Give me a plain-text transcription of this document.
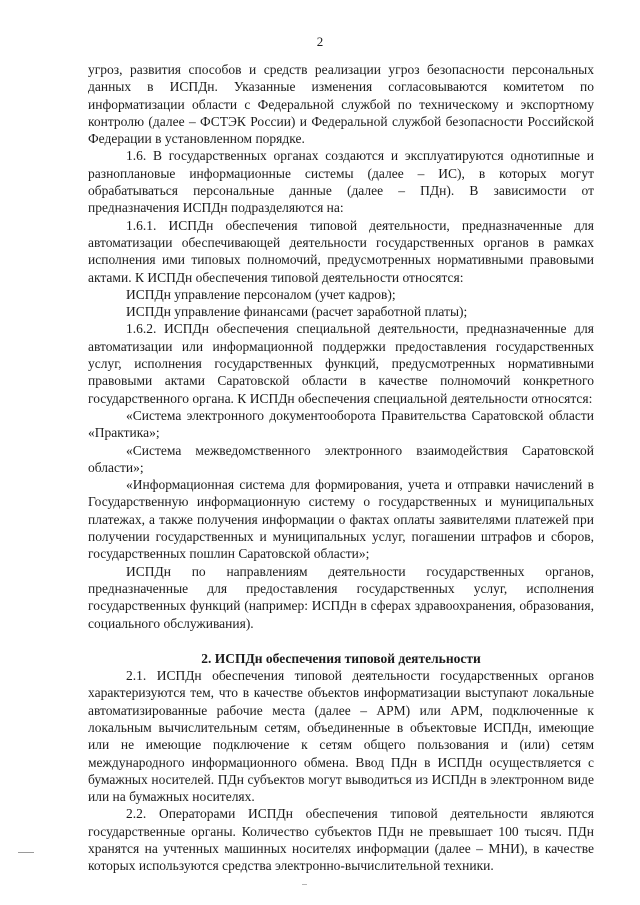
2

угроз, развития способов и средств реализации угроз безопасности персональных данных в ИСПДн. Указанные изменения согласовываются комитетом по информатизации области с Федеральной службой по техническому и экспортному контролю (далее – ФСТЭК России) и Федеральной службой безопасности Российской Федерации в установленном порядке.

1.6. В государственных органах создаются и эксплуатируются однотипные и разноплановые информационные системы (далее – ИС), в которых могут обрабатываться персональные данные (далее – ПДн). В зависимости от предназначения ИСПДн подразделяются на:

1.6.1. ИСПДн обеспечения типовой деятельности, предназначенные для автоматизации обеспечивающей деятельности государственных органов в рамках исполнения ими типовых полномочий, предусмотренных нормативными правовыми актами. К ИСПДн обеспечения типовой деятельности относятся:

ИСПДн управление персоналом (учет кадров);

ИСПДн управление финансами (расчет заработной платы);

1.6.2. ИСПДн обеспечения специальной деятельности, предназначенные для автоматизации или информационной поддержки предоставления государственных услуг, исполнения государственных функций, предусмотренных нормативными правовыми актами Саратовской области в качестве полномочий конкретного государственного органа. К ИСПДн обеспечения специальной деятельности относятся:

«Система электронного документооборота Правительства Саратовской области «Практика»;

«Система межведомственного электронного взаимодействия Саратовской области»;

«Информационная система для формирования, учета и отправки начислений в Государственную информационную систему о государственных и муниципальных платежах, а также получения информации о фактах оплаты заявителями платежей при получении государственных и муниципальных услуг, погашении штрафов и сборов, государственных пошлин Саратовской области»;

ИСПДн по направлениям деятельности государственных органов, предназначенные для предоставления государственных услуг, исполнения государственных функций (например: ИСПДн в сферах здравоохранения, образования, социального обслуживания).

2. ИСПДн обеспечения типовой деятельности

2.1. ИСПДн обеспечения типовой деятельности государственных органов характеризуются тем, что в качестве объектов информатизации выступают локальные автоматизированные рабочие места (далее – АРМ) или АРМ, подключенные к локальным вычислительным сетям, объединенные в объектовые ИСПДн, имеющие или не имеющие подключение к сетям общего пользования и (или) сетям международного информационного обмена. Ввод ПДн в ИСПДн осуществляется с бумажных носителей. ПДн субъектов могут выводиться из ИСПДн в электронном виде или на бумажных носителях.

2.2. Операторами ИСПДн обеспечения типовой деятельности являются государственные органы. Количество субъектов ПДн не превышает 100 тысяч. ПДн хранятся на учтенных машинных носителях информации (далее – МНИ), в качестве которых используются средства электронно-вычислительной техники.
